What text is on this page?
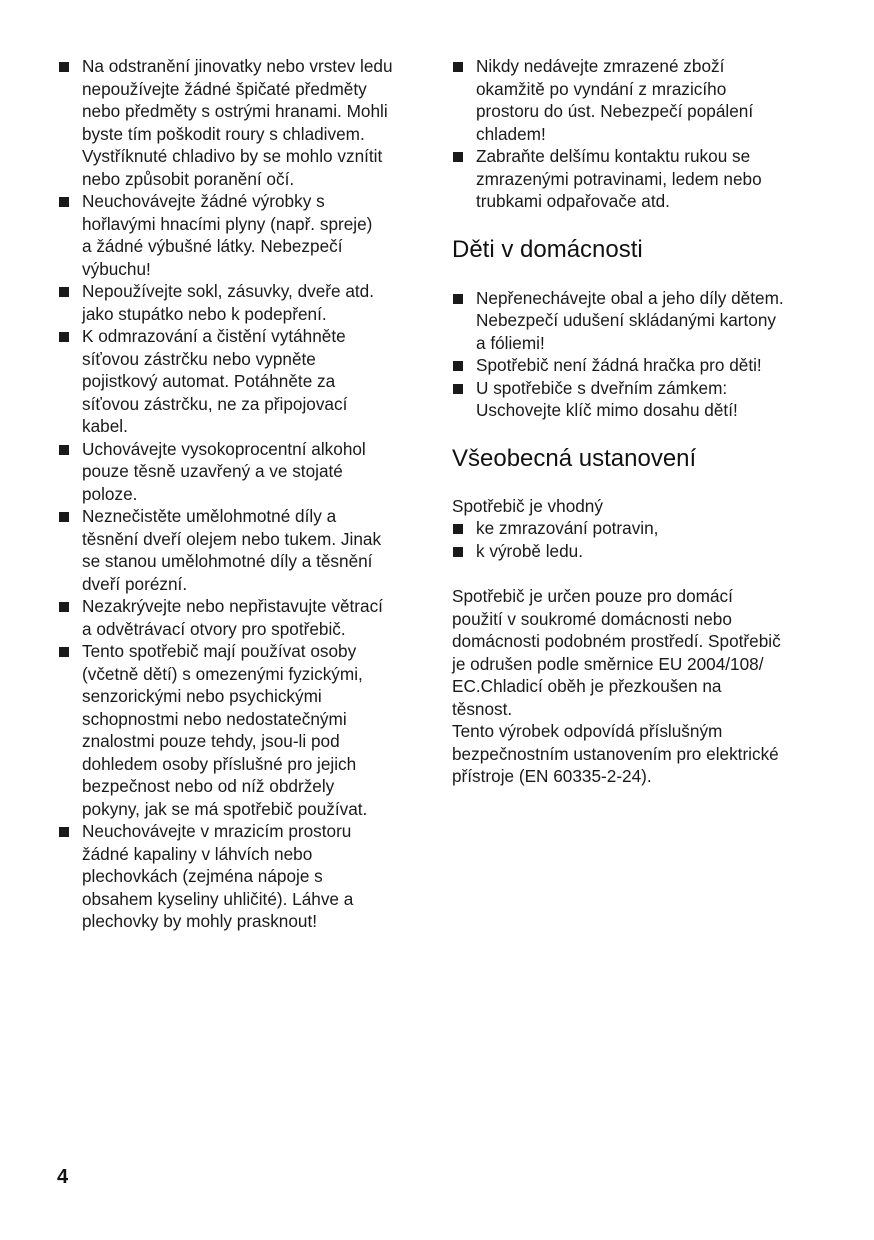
Na odstranění jinovatky nebo vrstev ledu
nepoužívejte žádné špičaté předměty
nebo předměty s ostrými hranami. Mohli
byste tím poškodit roury s chladivem.
Vystříknuté chladivo by se mohlo vznítit
nebo způsobit poranění očí.
Neuchovávejte žádné výrobky s
hořlavými hnacími plyny (např. spreje)
a žádné výbušné látky. Nebezpečí
výbuchu!
Nepoužívejte sokl, zásuvky, dveře atd.
jako stupátko nebo k podepření.
K odmrazování a čistění vytáhněte
síťovou zástrčku nebo vypněte
pojistkový automat. Potáhněte za
síťovou zástrčku, ne za připojovací
kabel.
Uchovávejte vysokoprocentní alkohol
pouze těsně uzavřený a ve stojaté
poloze.
Neznečistěte umělohmotné díly a
těsnění dveří olejem nebo tukem. Jinak
se stanou umělohmotné díly a těsnění
dveří porézní.
Nezakrývejte nebo nepřistavujte větrací
a odvětrávací otvory pro spotřebič.
Tento spotřebič mají používat osoby
(včetně dětí) s omezenými fyzickými,
senzorickými nebo psychickými
schopnostmi nebo nedostatečnými
znalostmi pouze tehdy, jsou-li pod
dohledem osoby příslušné pro jejich
bezpečnost nebo od níž obdržely
pokyny, jak se má spotřebič používat.
Neuchovávejte v mrazicím prostoru
žádné kapaliny v láhvích nebo
plechovkách (zejména nápoje s
obsahem kyseliny uhličité). Láhve a
plechovky by mohly prasknout!
Nikdy nedávejte zmrazené zboží
okamžitě po vyndání z mrazicího
prostoru do úst. Nebezpečí popálení
chladem!
Zabraňte delšímu kontaktu rukou se
zmrazenými potravinami, ledem nebo
trubkami odpařovače atd.
Děti v domácnosti
Nepřenechávejte obal a jeho díly dětem.
Nebezpečí udušení skládanými kartony
a fóliemi!
Spotřebič není žádná hračka pro děti!
U spotřebiče s dveřním zámkem:
Uschovejte klíč mimo dosahu dětí!
Všeobecná ustanovení

Spotřebič je vhodný

ke zmrazování potravin,
k výrobě ledu.

Spotřebič je určen pouze pro domácí
použití v soukromé domácnosti nebo
domácnosti podobném prostředí. Spotřebič
je odrušen podle směrnice EU 2004/108/
EC.Chladicí oběh je přezkoušen na
těsnost.

Tento výrobek odpovídá příslušným
bezpečnostním ustanovením pro elektrické
přístroje (EN 60335-2-24).

4
